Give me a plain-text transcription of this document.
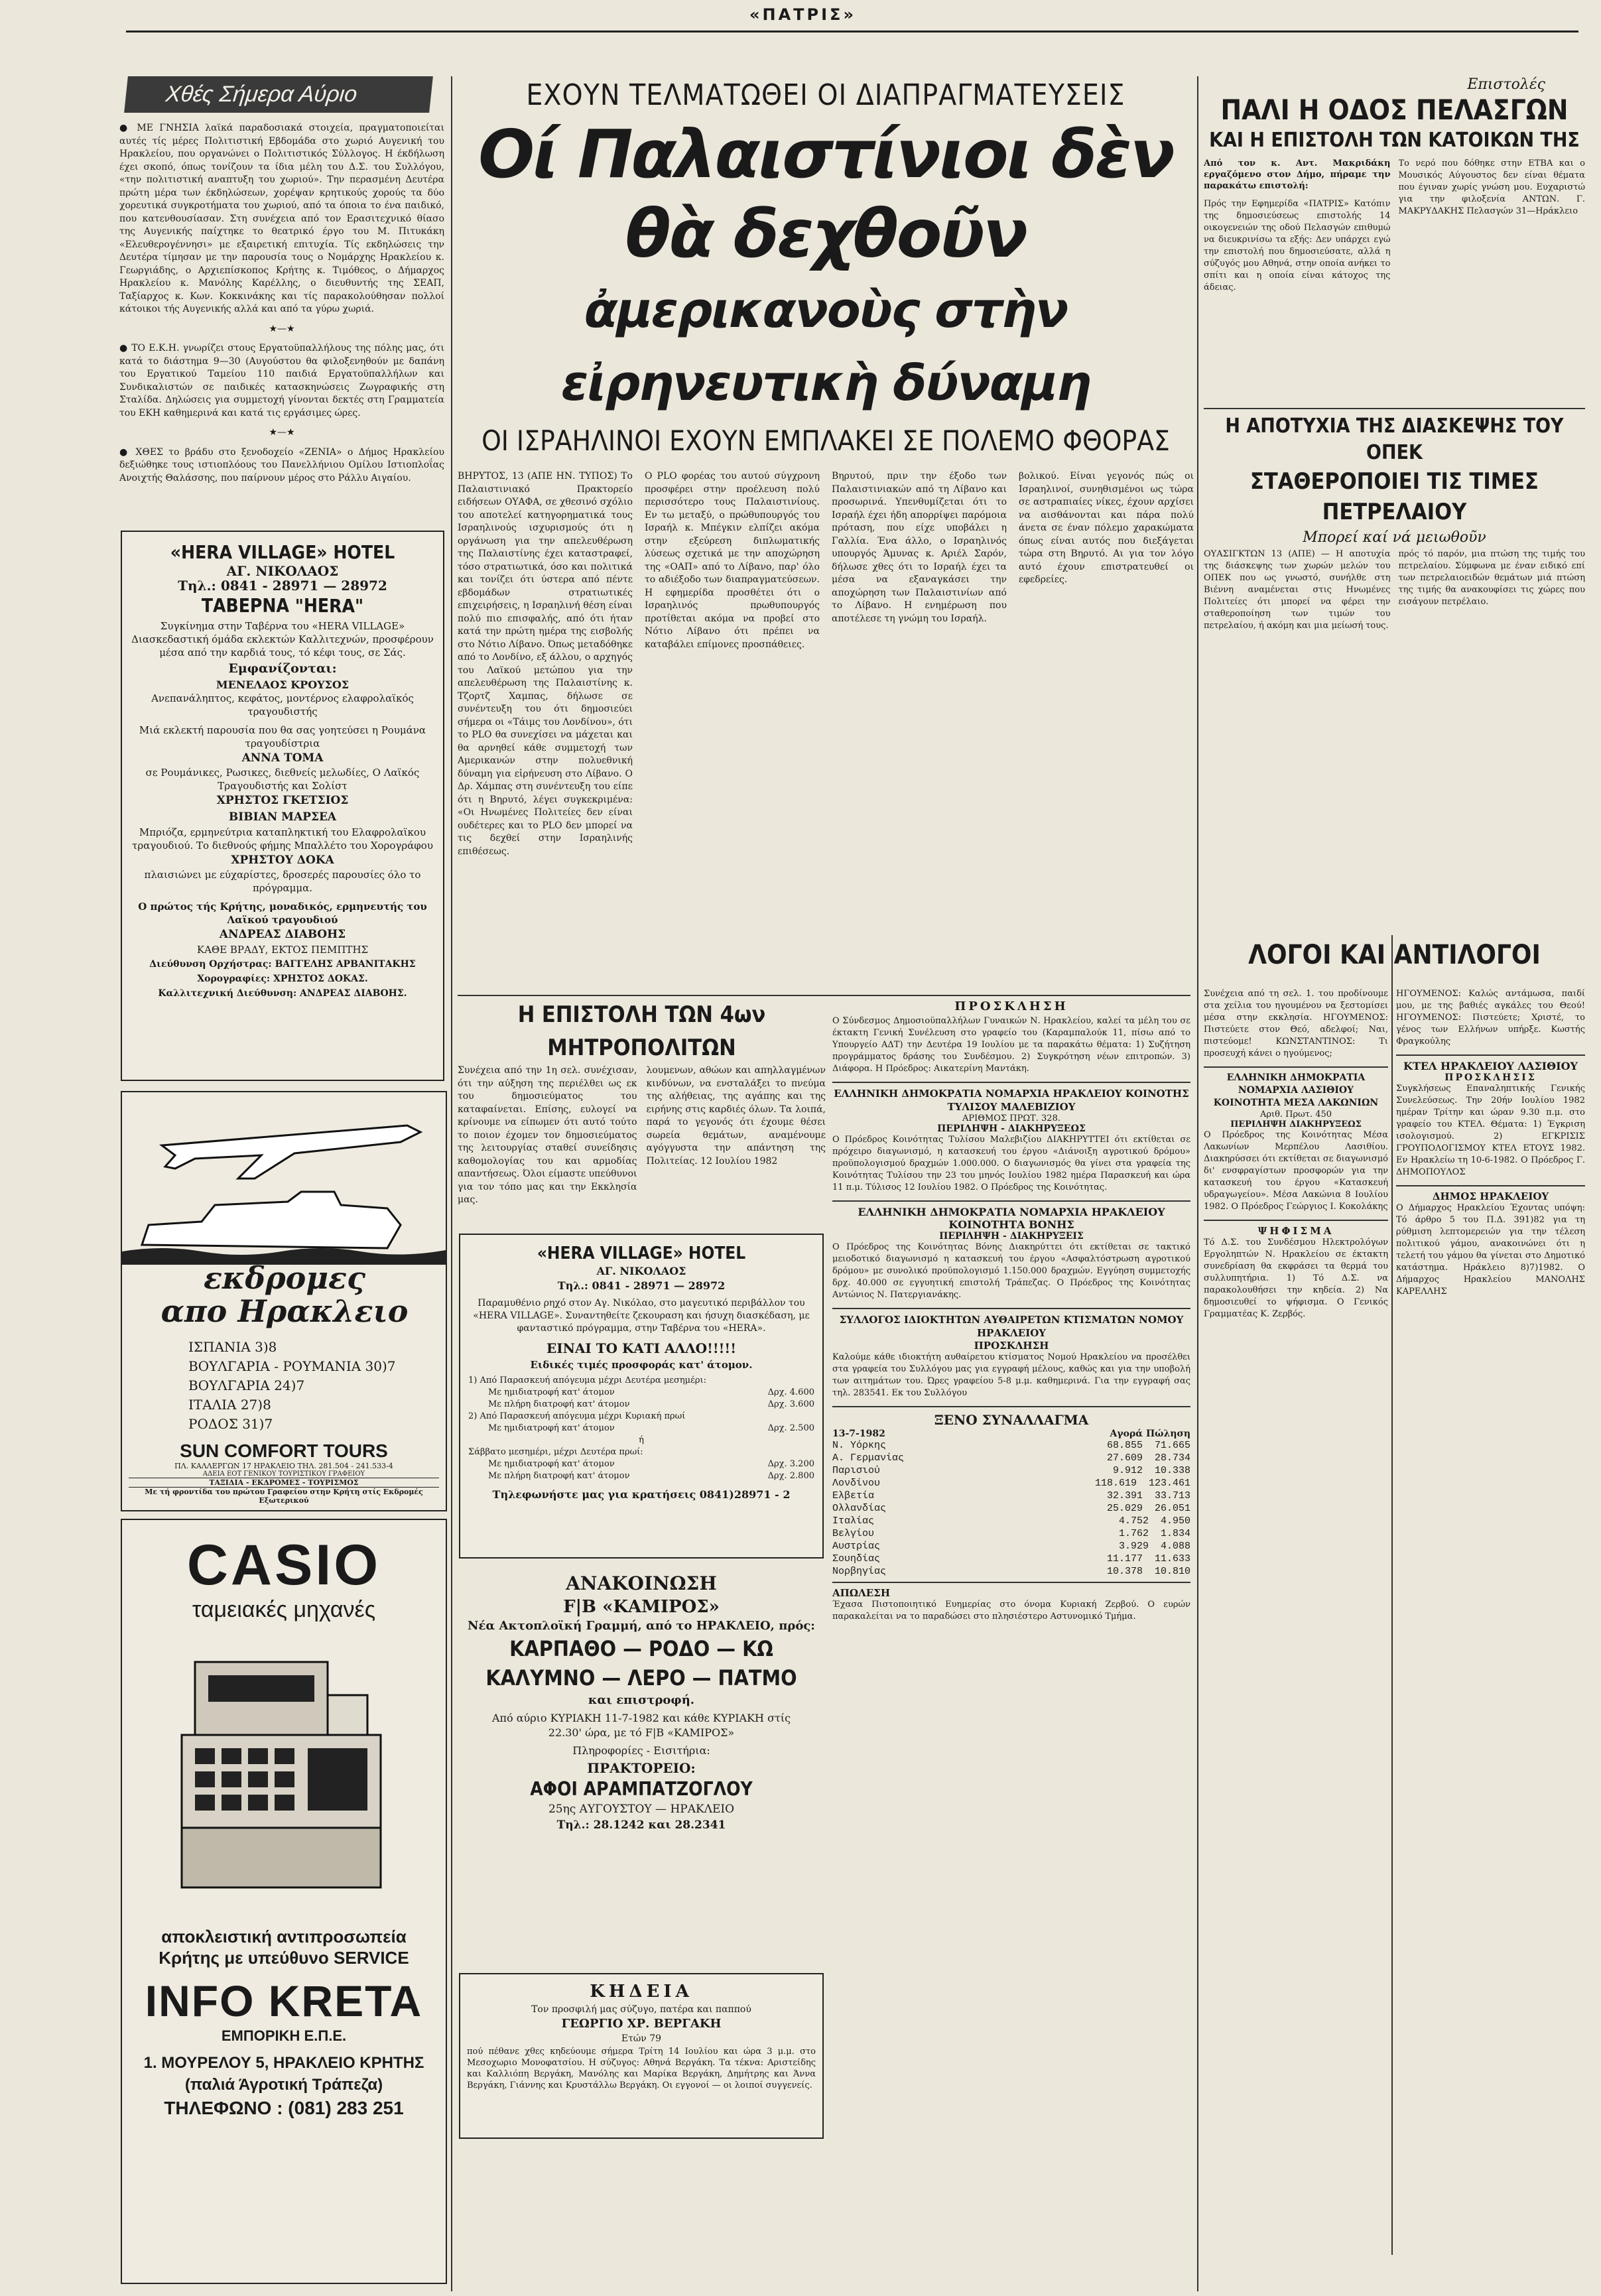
«ΠΑΤΡΙΣ»
Χθές Σήμερα Αύριο

● ΜΕ ΓΝΗΣΙΑ λαϊκά παραδοσιακά στοιχεία, πραγματοποιείται αυτές τίς μέρες Πολιτιστική Εβδομάδα στο χωριό Αυγενική του Ηρακλείου, που οργανώνει ο Πολιτιστικός Σύλλογος. Η έκδήλωση έχει σκοπό, όπως τονίζουν τα ίδια μέλη του Δ.Σ. του Συλλόγου, «την πολιτιστική αναπτυξη του χωριού». Την περασμένη Δευτέρα πρώτη μέρα των έκδηλώσεων, χορέψαν κρητικούς χορούς τα δύο χορευτικά συγκροτήματα του χωριού, από τα όποια το ένα παιδικό, που κατενθουσίασαν. Στη συνέχεια από τον Ερασιτεχνικό θίασο της Αυγενικής παίχτηκε το θεατρικό έργο του Μ. Πιτυκάκη «Ελευθερογέννησι» με εξαιρετική επιτυχία. Τίς εκδηλώσεις την Δευτέρα τίμησαν με την παρουσία τους ο Νομάρχης Ηρακλείου κ. Γεωργιάδης, ο Αρχιεπίσκοπος Κρήτης κ. Τιμόθεος, ο Δήμαρχος Ηρακλείου κ. Μανόλης Καρέλλης, ο διευθυντής της ΣΕΑΠ, Ταξίαρχος κ. Κων. Κοκκινάκης και τίς παρακολούθησαν πολλοί κάτοικοι τής Αυγενικής αλλά και από τα γύρω χωριά.

★—★

● ΤΟ Ε.Κ.Η. γνωρίζει στους Εργατοϋπαλλήλους της πόλης μας, ότι κατά το διάστημα 9—30 (Αυγούστου θα φιλοξενηθούν με δαπάνη του Εργατικού Ταμείου 110 παιδιά Εργατοϋπαλλήλων και Συνδικαλιστών σε παιδικές κατασκηνώσεις Ζωγραφικής στη Σταλίδα. Δηλώσεις για συμμετοχή γίνονται δεκτές στη Γραμματεία του ΕΚΗ καθημερινά και κατά τις εργάσιμες ώρες.

★—★

● ΧΘΕΣ το βράδυ στο ξενοδοχείο «ΖΕΝΙΑ» ο Δήμος Ηρακλείου δεξιώθηκε τους ιστιοπλόους του Πανελλήνιου Ομίλου Ιστιοπλοΐας Ανοιχτής Θαλάσσης, που παίρνουν μέρος στο Ράλλυ Αιγαίου.

«HERA VILLAGE» HOTEL

ΑΓ. ΝΙΚΟΛΑΟΣ

Τηλ.: 0841 - 28971 — 28972

ΤΑΒΕΡΝΑ "ΗΕRA"

Συγκίνημα στην Ταβέρνα του «HERA VILLAGE» Διασκεδαστική όμάδα εκλεκτών Καλλιτεχνών, προσφέρουν μέσα από την καρδιά τους, τό κέφι τους, σε Σάς.

Εμφανίζονται:

ΜΕΝΕΛΑΟΣ ΚΡΟΥΣΟΣ

Ανεπανάληπτος, κεφάτος, μοντέρνος ελαφρολαϊκός τραγουδιστής

Μιά εκλεκτή παρουσία που θα σας γοητεύσει η Ρουμάνα τραγουδίστρια

ΑΝΝΑ ΤΟΜΑ

σε Ρουμάνικες, Ρωσικες, διεθνείς μελωδίες, Ο Λαϊκός Τραγουδιστής και Σολίστ

ΧΡΗΣΤΟΣ ΓΚΕΤΣΙΟΣ

ΒΙΒΙΑΝ ΜΑΡΣΕΑ

Μπριόζα, ερμηνεύτρια καταπληκτική του Ελαφρολαϊκου τραγουδιού. Το διεθνούς φήμης Μπαλλέτο του Χορογράφου

ΧΡΗΣΤΟΥ ΔΟΚΑ

πλαισιώνει με εύχαρίστες, δροσερές παρουσίες όλο το πρόγραμμα.

Ο πρώτος τής Κρήτης, μοναδικός, ερμηνευτής του Λαϊκού τραγουδιού

ΑΝΔΡΕΑΣ ΔΙΑΒΟΗΣ

ΚΑΘΕ ΒΡΑΔΥ, ΕΚΤΟΣ ΠΕΜΠΤΗΣ

Διεύθυνση Ορχήστρας: ΒΑΓΓΕΛΗΣ ΑΡΒΑΝΙΤΑΚΗΣ

Χορογραφίες: ΧΡΗΣΤΟΣ ΔΟΚΑΣ.

Καλλιτεχνική Διεύθυνση: ΑΝΔΡΕΑΣ ΔΙΑΒΟΗΣ.

εκδρομες
απο Ηρακλειο
ΙΣΠΑΝΙΑ 3)8
ΒΟΥΛΓΑΡΙΑ - ΡΟΥΜΑΝΙΑ 30)7
ΒΟΥΛΓΑΡΙΑ 24)7
ΙΤΑΛΙΑ 27)8
ΡΟΔΟΣ 31)7
SUN COMFORT TOURS
ΠΛ. ΚΑΛΛΕΡΓΩΝ 17 ΗΡΑΚΛΕΙΟ ΤΗΛ. 281.504 - 241.533-4
ΑΔΕΙΑ ΕΟΤ ΓΕΝΙΚΟΥ ΤΟΥΡΙΣΤΙΚΟΥ ΓΡΑΦΕΙΟΥ
ΤΑΞΙΔΙΑ - ΕΚΔΡΟΜΕΣ - ΤΟΥΡΙΣΜΟΣ
Με τή φροντίδα του πρώτου Γραφείου στην Κρήτη στίς Εκδρομές Εξωτερικού
CASIO
ταμειακές μηχανές
αποκλειστική αντιπροσωπεία Κρήτης με υπεύθυνο SERVICE
INFO KRETA
ΕΜΠΟΡΙΚΗ Ε.Π.Ε.
1. ΜΟΥΡΕΛΟΥ 5, ΗΡΑΚΛΕΙΟ ΚΡΗΤΗΣ
(παλιά Άγροτική Τράπεζα)
ΤΗΛΕΦΩΝΟ : (081) 283 251
ΕΧΟΥΝ ΤΕΛΜΑΤΩΘΕΙ ΟΙ ΔΙΑΠΡΑΓΜΑΤΕΥΣΕΙΣ
Οί Παλαιστίνιοι δὲν θὰ δεχθοῦν
ἀμερικανοὺς στὴν εἰρηνευτικὴ δύναμη
ΟΙ ΙΣΡΑΗΛΙΝΟΙ ΕΧΟΥΝ ΕΜΠΛΑΚΕΙ ΣΕ ΠΟΛΕΜΟ ΦΘΟΡΑΣ

ΒΗΡΥΤΟΣ, 13 (ΑΠΕ ΗΝ. ΤΥΠΟΣ) Το Παλαιστινιακό Πρακτορείο ειδήσεων ΟΥΑΦΑ, σε χθεσινό σχόλιο του αποτελεί κατηγορηματικά τους Ισραηλινούς ισχυρισμούς ότι η οργάνωση για την απελευθέρωση της Παλαιστίνης έχει καταστραφεί, τόσο στρατιωτικά, όσο και πολιτικά και τονίζει ότι ύστερα από πέντε εβδομάδων στρατιωτικές επιχειρήσεις, η Ισραηλινή θέση είναι πολύ πιο επισφαλής, από ότι ήταν κατά την πρώτη ημέρα της εισβολής στο Νότιο Λίβανο. Όπως μεταδόθηκε από το Λονδίνο, εξ άλλου, ο αρχηγός του Λαϊκού μετώπου για την απελευθέρωση της Παλαιστίνης κ. Τζορτζ Χαμπας, δήλωσε σε συνέντευξη του ότι δημοσιεύει σήμερα οι «Τάιμς του Λονδίνου», ότι το PLO θα συνεχίσει να μάχεται και θα αρνηθεί κάθε συμμετοχή των Αμερικανών στην πολυεθνική δύναμη για εἰρήνευση στο Λίβανο. Ο Δρ. Χάμπας στη συνέντευξη του είπε ότι η Βηρυτό, λέγει συγκεκριμένα: «Οι Ηνωμένες Πολιτείες δεν είναι ουδέτερες και το PLO δεν μπορεί να τις δεχθεί στην Ισραηλινής επιθέσεως.

Ο PLO φορέας του αυτού σύγχρονη προσφέρει στην προέλευση πολύ περισσότερο τους Παλαιστινίους. Εν τω μεταξύ, ο πρώθυπουργός του Ισραήλ κ. Μπέγκιν ελπίζει ακόμα στην εξεύρεση διπλωματικής λύσεως σχετικά με την αποχώρηση της «ΟΑΠ» από το Λίβανο, παρ' όλο το αδιέξοδο των διαπραγματεύσεων. Η εφημερίδα προσθέτει ότι ο Ισραηλινός πρωθυπουργός προτίθεται ακόμα να προβεί στο Νότιο Λίβανο ότι πρέπει να καταβάλει επίμονες προσπάθειες.

Βηρυτού, πριν την έξοδο των Παλαιστινιακών από τη Λίβανο και προσωρινά. Υπενθυμίζεται ότι το Ισραήλ έχει ήδη απορρίψει παρόμοια πρόταση, που είχε υποβάλει η Γαλλία. Ένα άλλο, ο Ισραηλινός υπουργός Άμυνας κ. Αριέλ Σαρόν, δήλωσε χθες ότι το Ισραήλ έχει τα μέσα να εξαναγκάσει την αποχώρηση των Παλαιστινίων από το Λίβανο. Η ενημέρωση που αποτέλεσε τη γνώμη του Ισραήλ.

βολικού. Είναι γεγονός πώς οι Ισραηλινοί, συνηθισμένοι ως τώρα σε αστραπιαίες νίκες, έχουν αρχίσει να αισθάνονται και πάρα πολύ άνετα σε έναν πόλεμο χαρακώματα όπως είναι αυτός που διεξάγεται τώρα στη Βηρυτό. Αι για τον λόγο αυτό έχουν επιστρατευθεί οι εφεδρείες.

Η ΕΠΙΣΤΟΛΗ ΤΩΝ 4ων ΜΗΤΡΟΠΟΛΙΤΩΝ

Συνέχεια από την 1η σελ. συνέχισαν, ότι την αύξηση της περιέλθει ως εκ του δημοσιεύματος του καταφαίνεται. Επίσης, ευλογεί να κρίνουμε να είπωμεν ότι αυτό τούτο το ποιον έχομεν τον δημοσιεύματος της λειτουργίας σταθεί συνείδησις καθομολογίας του και αρμοδίας απαντήσεως. Όλοι είμαστε υπεύθυνοι για τον τόπο μας και την Εκκλησία μας.

λουμενων, αθώων και απηλλαγμένων κινδύνων, να ενσταλάξει το πνεύμα της αλήθειας, της αγάπης και της ειρήνης στις καρδιές όλων. Τα λοιπά, παρά το γεγονός ότι έχουμε θέσει σωρεία θεμάτων, αναμένουμε αγόγγυστα την απάντηση της Πολιτείας. 12 Ιουλίου 1982

«HERA VILLAGE» HOTEL

ΑΓ. ΝΙΚΟΛΑΟΣ

Τηλ.: 0841 - 28971 — 28972

Παραμυθένιο ρηχό στον Αγ. Νικόλαο, στο μαγευτικό περιβάλλον του «HERA VILLAGE». Συναντηθείτε ζεκουραση και ήσυχη διασκέδαση, με φανταστικό πρόγραμμα, στην Ταβέρνα του «HERA».

ΕΙΝΑΙ ΤΟ ΚΑΤΙ ΑΛΛΟ!!!!!

Ειδικές τιμές προσφοράς κατ' άτομον.

1) Από Παρασκευή απόγευμα μέχρι Δευτέρα μεσημέρι:
Με ημιδιατροφή κατ' άτομον	Δρχ. 4.600
Με πλήρη διατροφή κατ' άτομον	Δρχ. 3.600
2) Από Παρασκευή απόγευμα μέχρι Κυριακή πρωί
Με ημιδιατροφή κατ' άτομον	Δρχ. 2.500
ή
Σάββατο μεσημέρι, μέχρι Δευτέρα πρωί:
Με ημιδιατροφή κατ' άτομον	Δρχ. 3.200
Με πλήρη διατροφή κατ' άτομον	Δρχ. 2.800

Τηλεφωνήστε μας για κρατήσεις 0841)28971 - 2

ΑΝΑΚΟΙΝΩΣΗ

F|B «ΚΑΜΙΡΟΣ»

Νέα Ακτοπλοϊκή Γραμμή, από το ΗΡΑΚΛΕΙΟ, πρός:

ΚΑΡΠΑΘΟ — ΡΟΔΟ — ΚΩ

ΚΑΛΥΜΝΟ — ΛΕΡΟ — ΠΑΤΜΟ

και επιστροφή.

Από αύριο ΚΥΡΙΑΚΗ 11-7-1982 και κάθε ΚΥΡΙΑΚΗ στίς 22.30' ώρα, με τό F|B «ΚΑΜΙΡΟΣ»

Πληροφορίες - Εισιτήρια:

ΠΡΑΚΤΟΡΕΙΟ:

ΑΦΟΙ ΑΡΑΜΠΑΤΖΟΓΛΟΥ

25ης ΑΥΓΟΥΣΤΟΥ — ΗΡΑΚΛΕΙΟ

Τηλ.: 28.1242 και 28.2341

ΚΗΔΕΙΑ

Τον προσφιλή μας σύζυγο, πατέρα και παππού

ΓΕΩΡΓΙΟ ΧΡ. ΒΕΡΓΑΚΗ

Ετών 79

πού πέθανε χθες κηδεύουμε σήμερα Τρίτη 14 Ιουλίου και ώρα 3 μ.μ. στο Μεσοχωριο Μονοφατσίου. Η σύζυγος: Αθηνά Βεργάκη. Τα τέκνα: Αριστείδης και Καλλιόπη Βεργάκη, Μανόλης και Μαρίκα Βεργάκη, Δημήτρης και Άννα Βεργάκη, Γιάννης και Κρυστάλλω Βεργάκη. Οι εγγονοί — οι λοιποί συγγενείς.

ΠΡΟΣΚΛΗΣΗ

Ο Σύνδεσμος Δημοσιοϋπαλλήλων Γυναικών Ν. Ηρακλείου, καλεί τα μέλη του σε έκτακτη Γενική Συνέλευση στο γραφείο του (Καραμπαλούκ 11, πίσω από το Υπουργείο ΑΔΤ) την Δευτέρα 19 Ιουλίου με τα παρακάτω θέματα: 1) Συζήτηση προγράμματος δράσης του Συνδέσμου. 2) Συγκρότηση νέων επιτροπών. 3) Διάφορα. Η Πρόεδρος: Αικατερίνη Μαντάκη.

ΕΛΛΗΝΙΚΗ ΔΗΜΟΚΡΑΤΙΑ ΝΟΜΑΡΧΙΑ ΗΡΑΚΛΕΙΟΥ ΚΟΙΝΟΤΗΣ ΤΥΛΙΣΟΥ ΜΑΛΕΒΙΖΙΟΥ
ΑΡΙΘΜΟΣ ΠΡΩΤ. 328.
ΠΕΡΙΛΗΨΗ - ΔΙΑΚΗΡΥΞΕΩΣ

Ο Πρόεδρος Κοινότητας Τυλίσου Μαλεβιζίου ΔΙΑΚΗΡΥΤΤΕΙ ότι εκτίθεται σε πρόχειρο διαγωνισμό, η κατασκευή του έργου «Διάνοιξη αγροτικού δρόμου» προϋπολογισμού δραχμών 1.000.000. Ο διαγωνισμός θα γίνει στα γραφεία της Κοινότητας Τυλίσου την 23 του μηνός Ιουλίου 1982 ημέρα Παρασκευή και ώρα 11 π.μ. Τύλισος 12 Ιουλίου 1982. Ο Πρόεδρος της Κοινότητας.

ΕΛΛΗΝΙΚΗ ΔΗΜΟΚΡΑΤΙΑ ΝΟΜΑΡΧΙΑ ΗΡΑΚΛΕΙΟΥ ΚΟΙΝΟΤΗΤΑ ΒΟΝΗΣ
ΠΕΡΙΛΗΨΗ - ΔΙΑΚΗΡΥΞΕΙΣ

Ο Πρόεδρος της Κοινότητας Βόνης Διακηρύττει ότι εκτίθεται σε τακτικό μειοδοτικό διαγωνισμό η κατασκευή του έργου «Ασφαλτόστρωση αγροτικού δρόμου» με συνολικό προϋπολογισμό 1.150.000 δραχμών. Εγγύηση συμμετοχής δρχ. 40.000 σε εγγυητική επιστολή Τράπεζας. Ο Πρόεδρος της Κοινότητας Αντώνιος Ν. Πατεργιανάκης.

ΣΥΛΛΟΓΟΣ ΙΔΙΟΚΤΗΤΩΝ ΑΥΘΑΙΡΕΤΩΝ ΚΤΙΣΜΑΤΩΝ ΝΟΜΟΥ ΗΡΑΚΛΕΙΟΥ
ΠΡΟΣΚΛΗΣΗ

Καλούμε κάθε ιδιοκτήτη αυθαίρετου κτίσματος Νομού Ηρακλείου να προσέλθει στα γραφεία του Συλλόγου μας για εγγραφή μέλους, καθώς και για την υποβολή των αιτημάτων του. Ώρες γραφείου 5-8 μ.μ. καθημερινά. Για την εγγραφή σας τηλ. 283541. Εκ του Συλλόγου

ΞΕΝΟ ΣΥΝΑΛΛΑΓΜΑ
13-7-1982	Αγορά Πώληση
Ν. Υόρκης	68.855 71.665
Α. Γερμανίας	27.609 28.734
Παρισιού	9.912 10.338
Λονδίνου	118.619 123.461
Ελβετία	32.391 33.713
Ολλανδίας	25.029 26.051
Ιταλίας	4.752 4.950
Βελγίου	1.762 1.834
Αυστρίας	3.929 4.088
Σουηδίας	11.177 11.633
Νορβηγίας	10.378 10.810
ΑΠΩΛΕΣΗ

Έχασα Πιστοποιητικό Ευημερίας στο όνομα Κυριακή Ζερβού. Ο ευρών παρακαλείται να το παραδώσει στο πλησιέστερο Αστυνομικό Τμήμα.

Επιστολές
ΠΑΛΙ Η ΟΔΟΣ ΠΕΛΑΣΓΩΝ
ΚΑΙ Η ΕΠΙΣΤΟΛΗ ΤΩΝ ΚΑΤΟΙΚΩΝ ΤΗΣ

Από τον κ. Αντ. Μακριδάκη εργαζόμενο στον Δήμο, πήραμε την παρακάτω επιστολή:

Πρός την Εφημερίδα «ΠΑΤΡΙΣ» Κατόπιν της δημοσιεύσεως επιστολής 14 οικογενειών της οδού Πελασγών επιθυμώ να διευκρινίσω τα εξής: Δεν υπάρχει εγώ την επιστολή που δημοσιεύσατε, αλλά η σύζυγός μου Αθηνά, στην οποία ανήκει το σπίτι και η οποία είναι κάτοχος της άδειας.

Το νερό που δόθηκε στην ΕΤΒΑ και ο Μουσικός Αύγουστος δεν είναι θέματα που έγιναν χωρίς γνώση μου. Ευχαριστώ για την φιλοξενία ΑΝΤΩΝ. Γ. ΜΑΚΡΥΔΑΚΗΣ Πελασγών 31—Ηράκλειο

Η ΑΠΟΤΥΧΙΑ ΤΗΣ ΔΙΑΣΚΕΨΗΣ ΤΟΥ ΟΠΕΚ
ΣΤΑΘΕΡΟΠΟΙΕΙ ΤΙΣ ΤΙΜΕΣ ΠΕΤΡΕΛΑΙΟΥ
Μπορεί καί νά μειωθοῦν

ΟΥΑΣΙΓΚΤΩΝ 13 (ΑΠΕ) — Η αποτυχία της διάσκεψης των χωρών μελών του ΟΠΕΚ που ως γνωστό, συνήλθε στη Βιέννη αναμένεται στις Ηνωμένες Πολιτείες ότι μπορεί να φέρει την σταθεροποίηση των τιμών του πετρελαίου, ή ακόμη και μια μείωσή τους.

πρός τό παρόν, μια πτώση της τιμής του πετρελαίου. Σύμφωνα με έναν ειδικό επί των πετρελαιοειδών θεμάτων μιά πτώση της τιμής θα ανακουφίσει τις χώρες που εισάγουν πετρέλαιο.

ΛΟΓΟΙ ΚΑΙ ΑΝΤΙΛΟΓΟΙ

Συνέχεια από τη σελ. 1. του προδίνουμε στα χείλια του ηγουμένου να ξεστομίσει μέσα στην εκκλησία. ΗΓΟΥΜΕΝΟΣ: Πιστεύετε στον Θεό, αδελφοί; Ναι, πιστεύομε! ΚΩΝΣΤΑΝΤΙΝΟΣ: Τι προσευχή κάνει ο ηγούμενος;

ΕΛΛΗΝΙΚΗ ΔΗΜΟΚΡΑΤΙΑ ΝΟΜΑΡΧΙΑ ΛΑΣΙΘΙΟΥ ΚΟΙΝΟΤΗΤΑ ΜΕΣΑ ΛΑΚΩΝΙΩΝ
Αριθ. Πρωτ. 450
ΠΕΡΙΛΗΨΗ ΔΙΑΚΗΡΥΞΕΩΣ

Ο Πρόεδρος της Κοινότητας Μέσα Λακωνίων Μερπέλου Λασιθίου. Διακηρύσσει ότι εκτίθεται σε διαγωνισμό δι' ενσφραγίστων προσφορών για την κατασκευή του έργου «Κατασκευή υδραγωγείου». Μέσα Λακώνια 8 Ιουλίου 1982. Ο Πρόεδρος Γεώργιος Ι. Κοκολάκης

ΨΗΦΙΣΜΑ

Τό Δ.Σ. του Συνδέσμου Ηλεκτρολόγων Εργοληπτών Ν. Ηρακλείου σε έκτακτη συνεδρίαση θα εκφράσει τα θερμά του συλλυπητήρια. 1) Τό Δ.Σ. να παρακολουθήσει την κηδεία. 2) Να δημοσιευθεί το ψήφισμα. Ο Γενικός Γραμματέας Κ. Ζερβός.

ΗΓΟΥΜΕΝΟΣ: Καλώς αντάμωσα, παιδί μου, με της βαθιές αγκάλες του Θεού! ΗΓΟΥΜΕΝΟΣ: Πιστεύετε; Χριστέ, το γένος των Ελλήνων υπήρξε. Κωστής Φραγκούλης

ΚΤΕΛ ΗΡΑΚΛΕΙΟΥ ΛΑΣΙΘΙΟΥ
ΠΡΟΣΚΛΗΣΙΣ

Συγκλήσεως Επαναληπτικής Γενικής Συνελεύσεως. Την 20ήν Ιουλίου 1982 ημέραν Τρίτην και ώραν 9.30 π.μ. στο γραφείο του ΚΤΕΛ. Θέματα: 1) Έγκριση ισολογισμού. 2) ΕΓΚΡΙΣΙΣ ΓΡΟΥΠΟΛΟΓΙΣΜΟΥ ΚΤΕΛ ΕΤΟΥΣ 1982. Εν Ηρακλείω τη 10-6-1982. Ο Πρόεδρος Γ. ΔΗΜΟΠΟΥΛΟΣ

ΔΗΜΟΣ ΗΡΑΚΛΕΙΟΥ

Ο Δήμαρχος Ηρακλείου Έχοντας υπόψη: Τό άρθρο 5 του Π.Δ. 391)82 για τη ρύθμιση λεπτομερειών για την τέλεση πολιτικού γάμου, ανακοινώνει ότι η τελετή του γάμου θα γίνεται στο Δημοτικό κατάστημα. Ηράκλειο 8)7)1982. Ο Δήμαρχος Ηρακλείου ΜΑΝΟΛΗΣ ΚΑΡΕΛΛΗΣ
